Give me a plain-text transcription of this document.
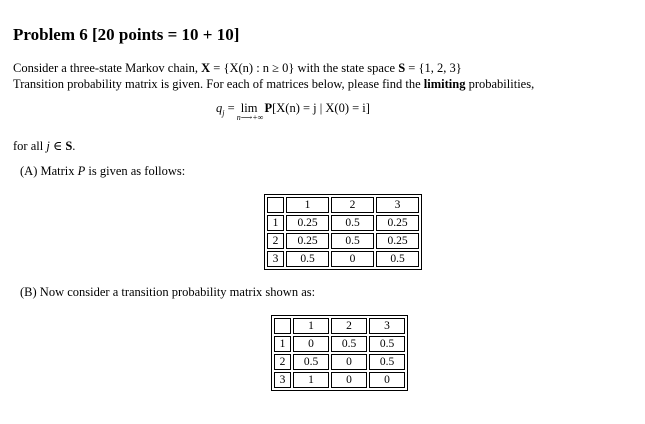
Problem 6 [20 points = 10 + 10]
Consider a three-state Markov chain, X = {X(n) : n ≥ 0} with the state space S = {1, 2, 3}
Transition probability matrix is given. For each of matrices below, please find the limiting probabilities,
$q_j = \lim$
n⟶+∞
P[X(n) = j | X(0) = i]
for all j ∈ S.
(A) Matrix P is given as follows:
	1	2	3
1	0.25	0.5	0.25
2	0.25	0.5	0.25
3	0.5	0	0.5
(B) Now consider a transition probability matrix shown as:
	1	2	3
1	0	0.5	0.5
2	0.5	0	0.5
3	1	0	0
